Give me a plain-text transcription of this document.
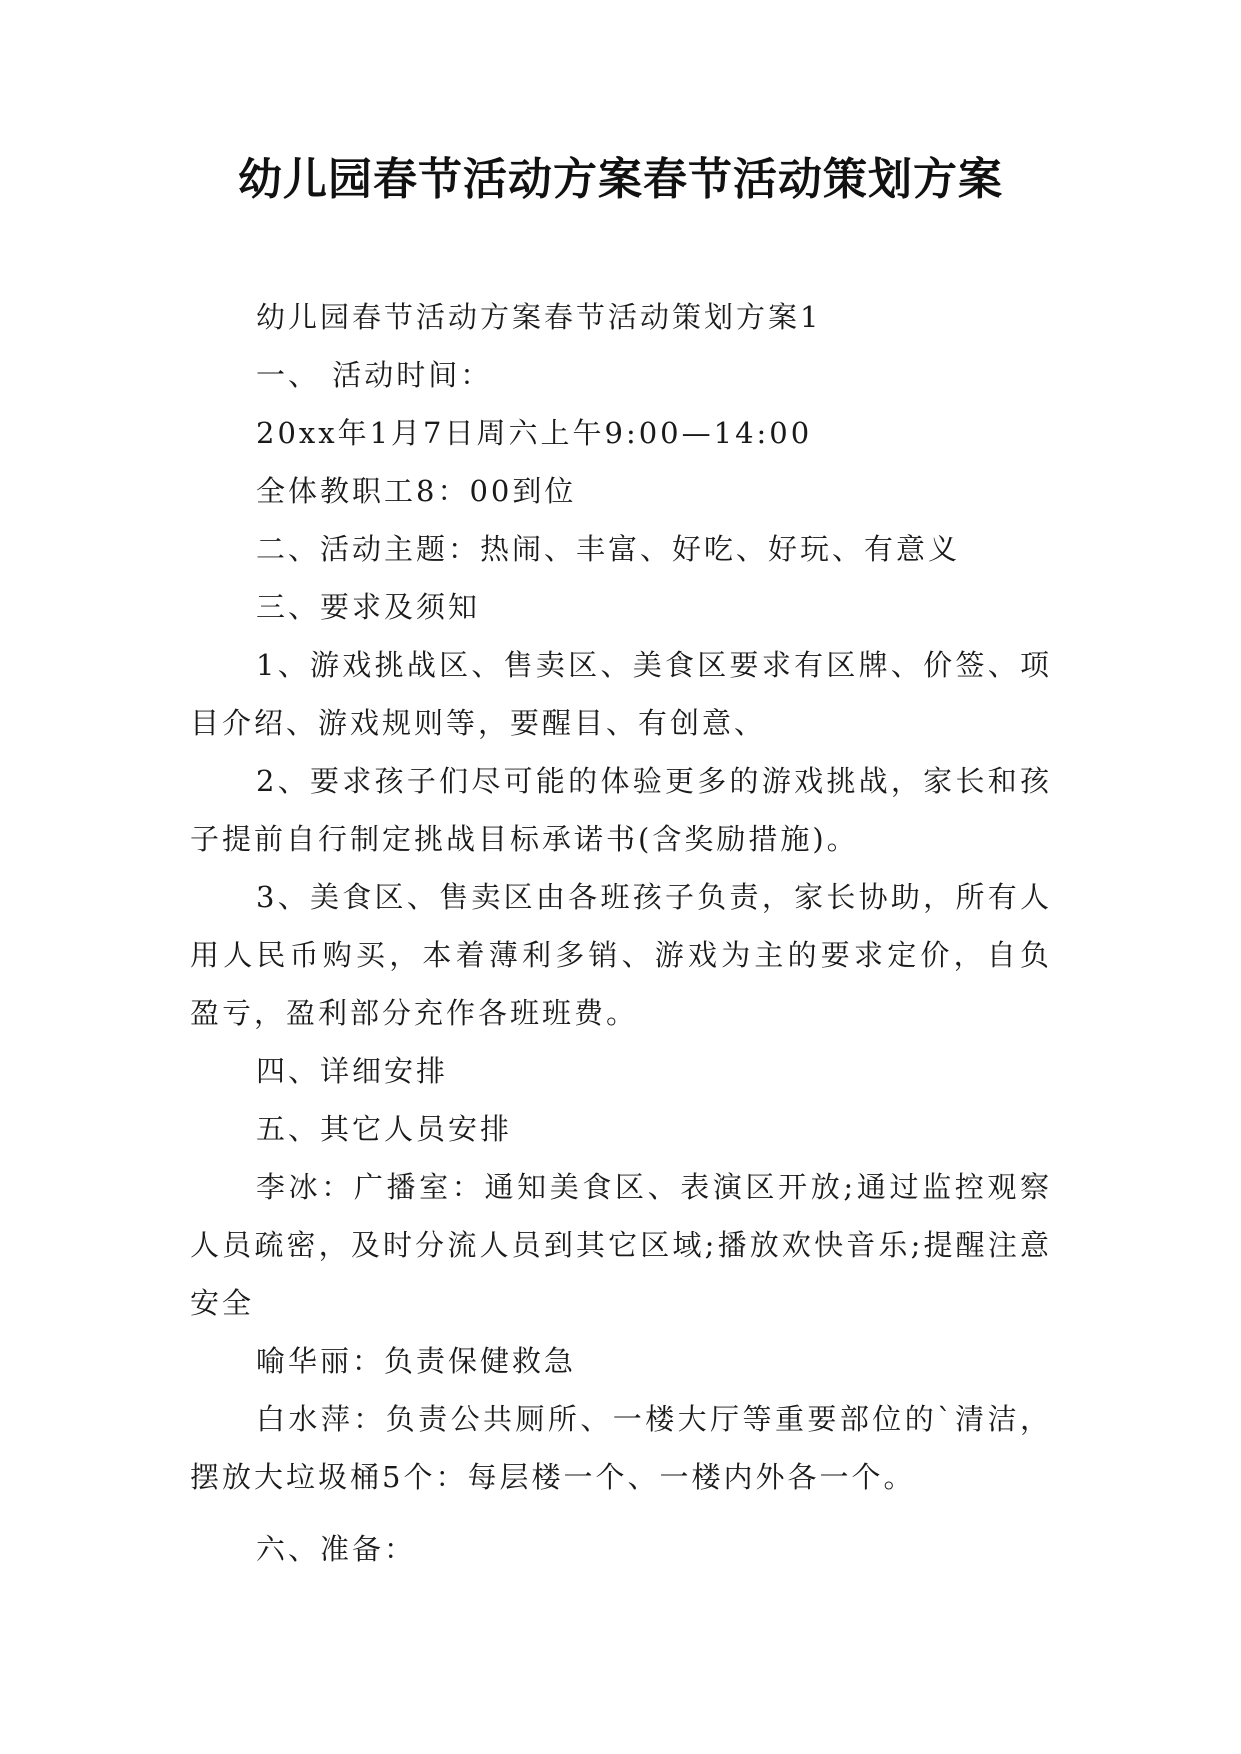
幼儿园春节活动方案春节活动策划方案

幼儿园春节活动方案春节活动策划方案1

一、 活动时间：

20xx年1月7日周六上午9:00—14:00

全体教职工8：00到位

二、活动主题：热闹、丰富、好吃、好玩、有意义

三、要求及须知

1、游戏挑战区、售卖区、美食区要求有区牌、价签、项目介绍、游戏规则等，要醒目、有创意、

2、要求孩子们尽可能的体验更多的游戏挑战，家长和孩子提前自行制定挑战目标承诺书(含奖励措施)。

3、美食区、售卖区由各班孩子负责，家长协助，所有人用人民币购买，本着薄利多销、游戏为主的要求定价，自负盈亏，盈利部分充作各班班费。

四、详细安排

五、其它人员安排

李冰：广播室：通知美食区、表演区开放;通过监控观察人员疏密，及时分流人员到其它区域;播放欢快音乐;提醒注意安全

喻华丽：负责保健救急

白水萍：负责公共厕所、一楼大厅等重要部位的`清洁，摆放大垃圾桶5个：每层楼一个、一楼内外各一个。

六、准备：
